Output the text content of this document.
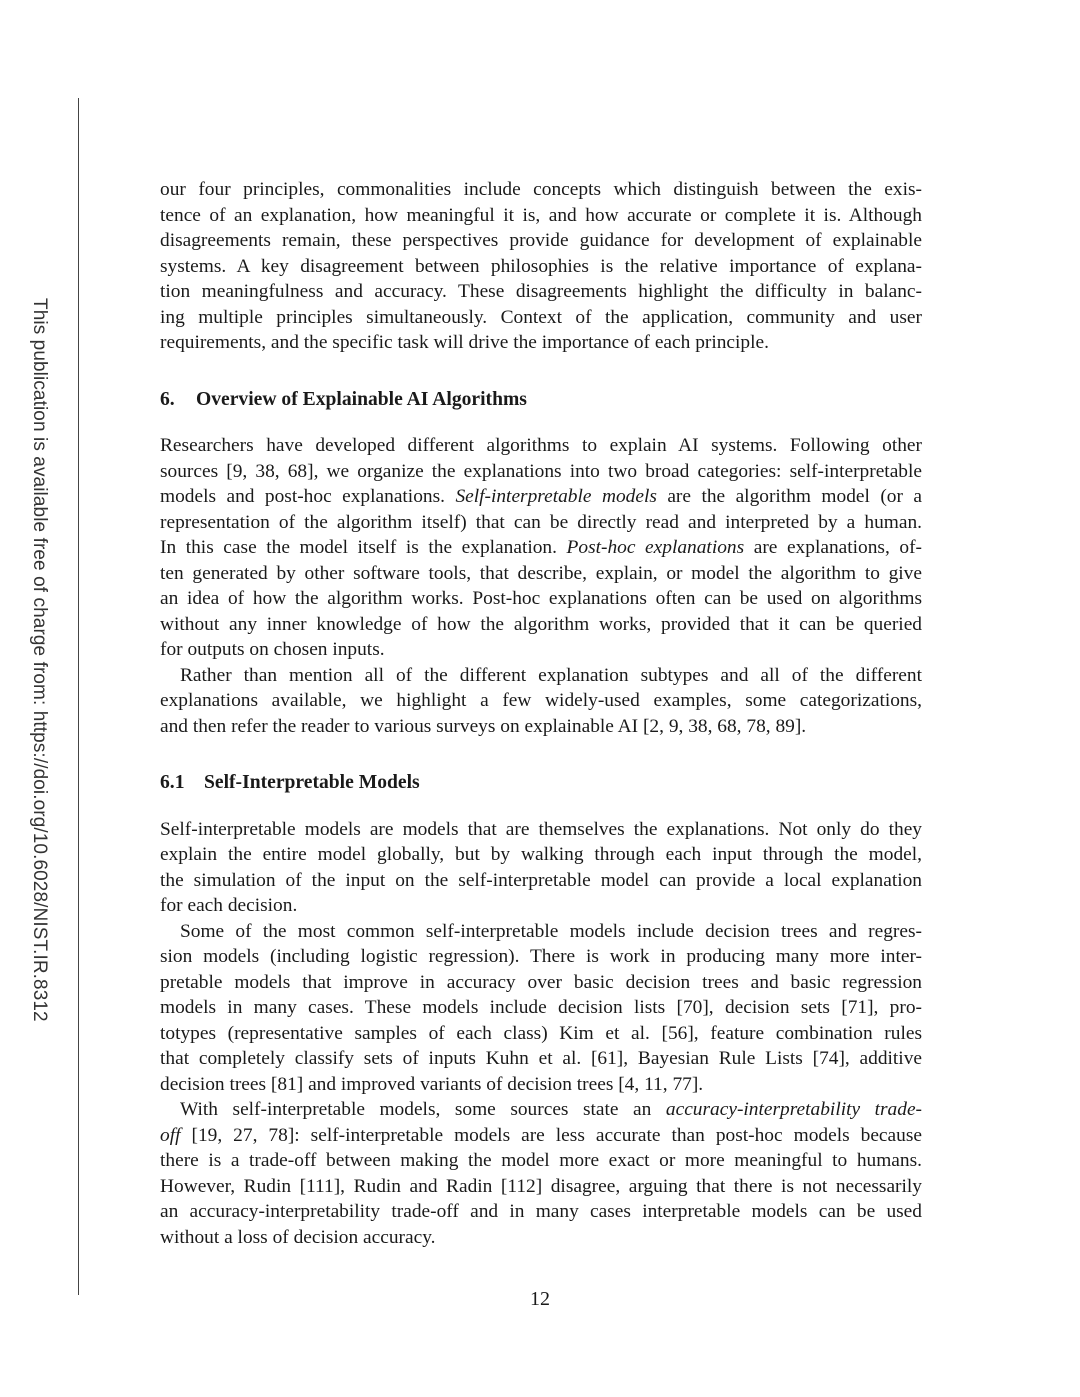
This publication is available free of charge from: https://doi.org/10.6028/NIST.IR.8312
our four principles, commonalities include concepts which distinguish between the exis-
tence of an explanation, how meaningful it is, and how accurate or complete it is. Although
disagreements remain, these perspectives provide guidance for development of explainable
systems. A key disagreement between philosophies is the relative importance of explana-
tion meaningfulness and accuracy. These disagreements highlight the difficulty in balanc-
ing multiple principles simultaneously. Context of the application, community and user
requirements, and the specific task will drive the importance of each principle.
6. Overview of Explainable AI Algorithms
Researchers have developed different algorithms to explain AI systems. Following other
sources [9, 38, 68], we organize the explanations into two broad categories: self-interpretable
models and post-hoc explanations. Self-interpretable models are the algorithm model (or a
representation of the algorithm itself) that can be directly read and interpreted by a human.
In this case the model itself is the explanation. Post-hoc explanations are explanations, of-
ten generated by other software tools, that describe, explain, or model the algorithm to give
an idea of how the algorithm works. Post-hoc explanations often can be used on algorithms
without any inner knowledge of how the algorithm works, provided that it can be queried
for outputs on chosen inputs.
Rather than mention all of the different explanation subtypes and all of the different
explanations available, we highlight a few widely-used examples, some categorizations,
and then refer the reader to various surveys on explainable AI [2, 9, 38, 68, 78, 89].
6.1 Self-Interpretable Models
Self-interpretable models are models that are themselves the explanations. Not only do they
explain the entire model globally, but by walking through each input through the model,
the simulation of the input on the self-interpretable model can provide a local explanation
for each decision.
Some of the most common self-interpretable models include decision trees and regres-
sion models (including logistic regression). There is work in producing many more inter-
pretable models that improve in accuracy over basic decision trees and basic regression
models in many cases. These models include decision lists [70], decision sets [71], pro-
totypes (representative samples of each class) Kim et al. [56], feature combination rules
that completely classify sets of inputs Kuhn et al. [61], Bayesian Rule Lists [74], additive
decision trees [81] and improved variants of decision trees [4, 11, 77].
With self-interpretable models, some sources state an accuracy-interpretability trade-
off [19, 27, 78]: self-interpretable models are less accurate than post-hoc models because
there is a trade-off between making the model more exact or more meaningful to humans.
However, Rudin [111], Rudin and Radin [112] disagree, arguing that there is not necessarily
an accuracy-interpretability trade-off and in many cases interpretable models can be used
without a loss of decision accuracy.
12
